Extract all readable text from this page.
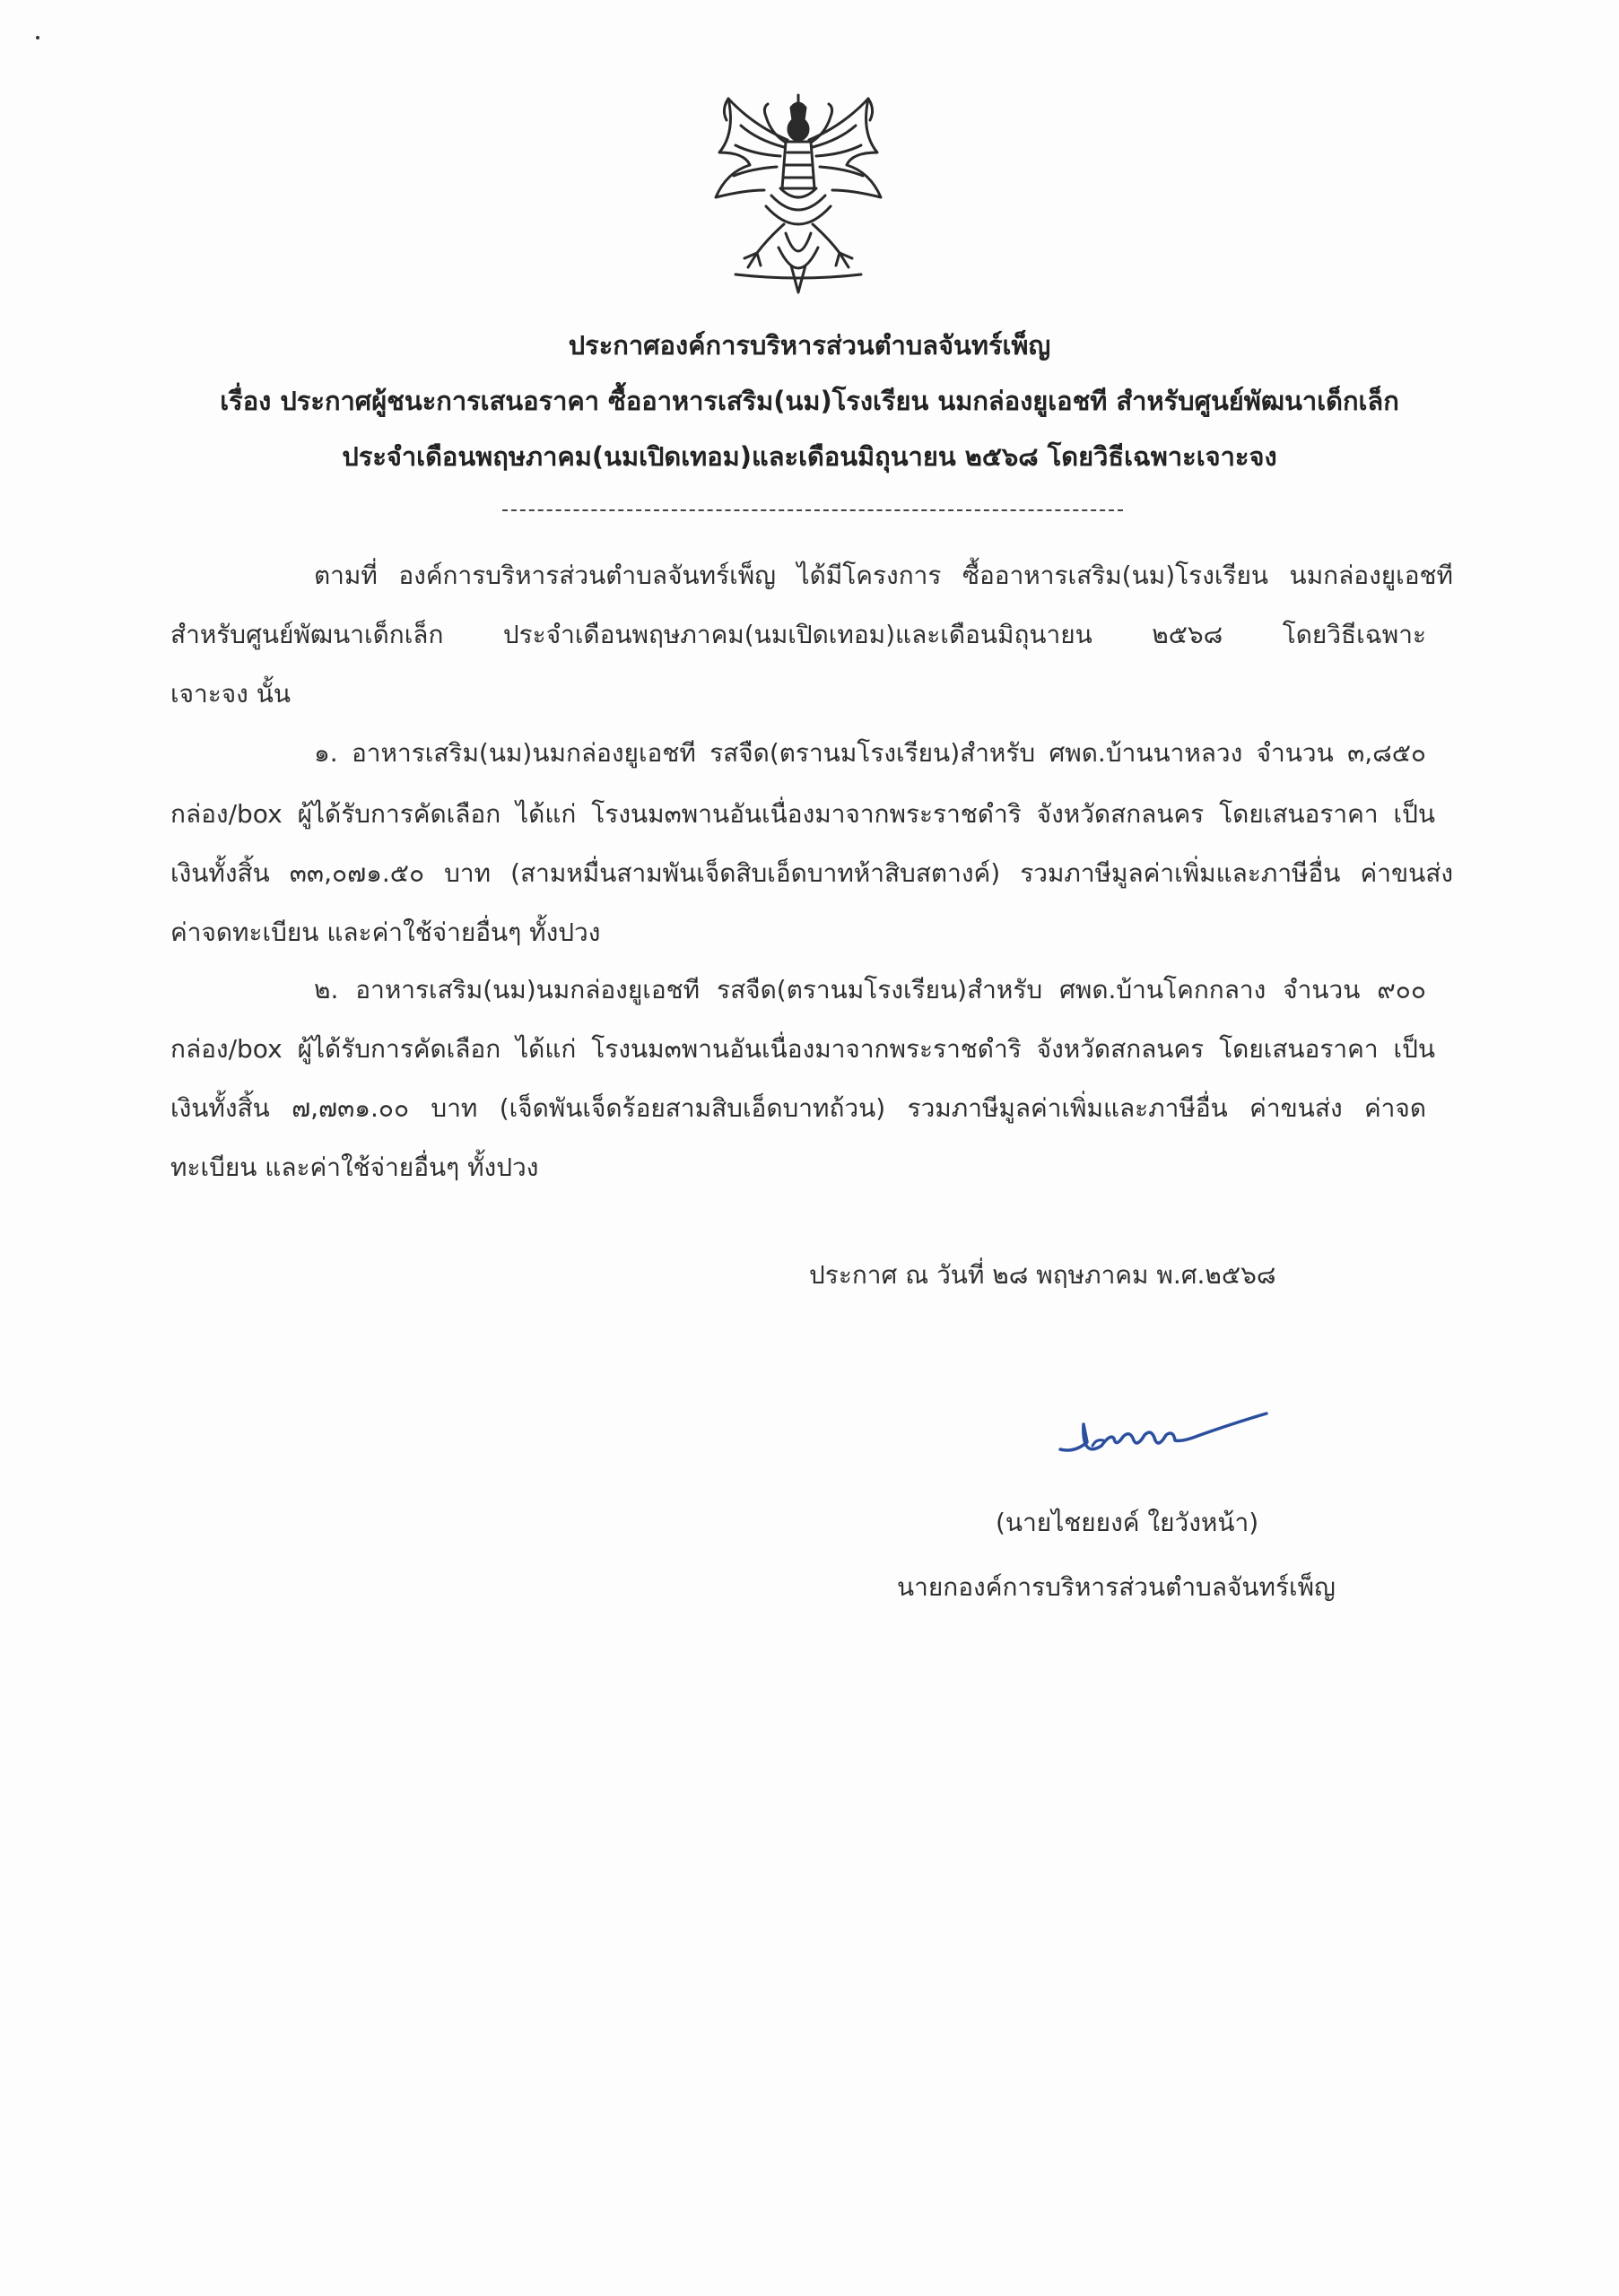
ประกาศองค์การบริหารส่วนตำบลจันทร์เพ็ญ
เรื่อง ประกาศผู้ชนะการเสนอราคา ซื้ออาหารเสริม(นม)โรงเรียน นมกล่องยูเอชที สำหรับศูนย์พัฒนาเด็กเล็ก
ประจำเดือนพฤษภาคม(นมเปิดเทอม)และเดือนมิถุนายน ๒๕๖๘ โดยวิธีเฉพาะเจาะจง
ตามที่ องค์การบริหารส่วนตำบลจันทร์เพ็ญ ได้มีโครงการ ซื้ออาหารเสริม(นม)โรงเรียน นมกล่องยูเอชที
สำหรับศูนย์พัฒนาเด็กเล็ก ประจำเดือนพฤษภาคม(นมเปิดเทอม)และเดือนมิถุนายน ๒๕๖๘ โดยวิธีเฉพาะ
เจาะจง นั้น
๑. อาหารเสริม(นม)นมกล่องยูเอชที รสจืด(ตรานมโรงเรียน)สำหรับ ศพด.บ้านนาหลวง จำนวน ๓,๘๕๐
กล่อง/box ผู้ได้รับการคัดเลือก ได้แก่ โรงนม๓พานอันเนื่องมาจากพระราชดำริ จังหวัดสกลนคร โดยเสนอราคา เป็น
เงินทั้งสิ้น ๓๓,๐๗๑.๕๐ บาท (สามหมื่นสามพันเจ็ดสิบเอ็ดบาทห้าสิบสตางค์) รวมภาษีมูลค่าเพิ่มและภาษีอื่น ค่าขนส่ง
ค่าจดทะเบียน และค่าใช้จ่ายอื่นๆ ทั้งปวง
๒. อาหารเสริม(นม)นมกล่องยูเอชที รสจืด(ตรานมโรงเรียน)สำหรับ ศพด.บ้านโคกกลาง จำนวน ๙๐๐
กล่อง/box ผู้ได้รับการคัดเลือก ได้แก่ โรงนม๓พานอันเนื่องมาจากพระราชดำริ จังหวัดสกลนคร โดยเสนอราคา เป็น
เงินทั้งสิ้น ๗,๗๓๑.๐๐ บาท (เจ็ดพันเจ็ดร้อยสามสิบเอ็ดบาทถ้วน) รวมภาษีมูลค่าเพิ่มและภาษีอื่น ค่าขนส่ง ค่าจด
ทะเบียน และค่าใช้จ่ายอื่นๆ ทั้งปวง
ประกาศ ณ วันที่ ๒๘ พฤษภาคม พ.ศ.๒๕๖๘
(นายไชยยงค์ ใยวังหน้า)
นายกองค์การบริหารส่วนตำบลจันทร์เพ็ญ
